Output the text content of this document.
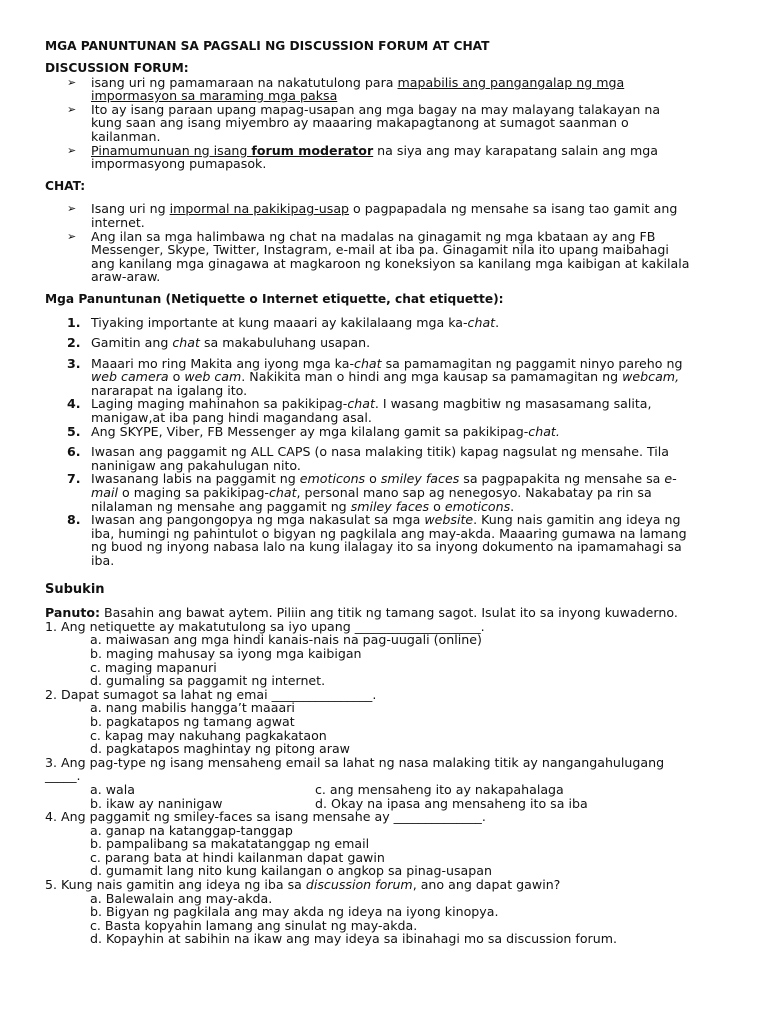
MGA PANUNTUNAN SA PAGSALI NG DISCUSSION FORUM AT CHAT

DISCUSSION FORUM:

➢ isang uri ng pamamaraan na nakatutulong para mapabilis ang pangangalap ng mga
impormasyon sa maraming mga paksa
➢ Ito ay isang paraan upang mapag-usapan ang mga bagay na may malayang talakayan na
kung saan ang isang miyembro ay maaaring makapagtanong at sumagot saanman o
kailanman.
➢ Pinamumunuan ng isang forum moderator na siya ang may karapatang salain ang mga
impormasyong pumapasok.

CHAT:

➢ Isang uri ng impormal na pakikipag-usap o pagpapadala ng mensahe sa isang tao gamit ang
internet.
➢ Ang ilan sa mga halimbawa ng chat na madalas na ginagamit ng mga kbataan ay ang FB
Messenger, Skype, Twitter, Instagram, e-mail at iba pa. Ginagamit nila ito upang maibahagi
ang kanilang mga ginagawa at magkaroon ng koneksiyon sa kanilang mga kaibigan at kakilala
araw-araw.

Mga Panuntunan (Netiquette o Internet etiquette, chat etiquette):

1. Tiyaking importante at kung maaari ay kakilalaang mga ka-chat.
2. Gamitin ang chat sa makabuluhang usapan.
3. Maaari mo ring Makita ang iyong mga ka-chat sa pamamagitan ng paggamit ninyo pareho ng
web camera o web cam. Nakikita man o hindi ang mga kausap sa pamamagitan ng webcam,
nararapat na igalang ito.
4. Laging maging mahinahon sa pakikipag-chat. I wasang magbitiw ng masasamang salita,
manigaw,at iba pang hindi magandang asal.
5. Ang SKYPE, Viber, FB Messenger ay mga kilalang gamit sa pakikipag-chat.
6. Iwasan ang paggamit ng ALL CAPS (o nasa malaking titik) kapag nagsulat ng mensahe. Tila
naninigaw ang pakahulugan nito.
7. Iwasanang labis na paggamit ng emoticons o smiley faces sa pagpapakita ng mensahe sa e-
mail o maging sa pakikipag-chat, personal mano sap ag nenegosyo. Nakabatay pa rin sa
nilalaman ng mensahe ang paggamit ng smiley faces o emoticons.
8. Iwasan ang pangongopya ng mga nakasulat sa mga website. Kung nais gamitin ang ideya ng
iba, humingi ng pahintulot o bigyan ng pagkilala ang may-akda. Maaaring gumawa na lamang
ng buod ng inyong nabasa lalo na kung ilalagay ito sa inyong dokumento na ipamamahagi sa
iba.

Subukin

Panuto: Basahin ang bawat aytem. Piliin ang titik ng tamang sagot. Isulat ito sa inyong kuwaderno.

1. Ang netiquette ay makatutulong sa iyo upang ____________________.

a. maiwasan ang mga hindi kanais-nais na pag-uugali (online)

b. maging mahusay sa iyong mga kaibigan

c. maging mapanuri

d. gumaling sa paggamit ng internet.

2. Dapat sumagot sa lahat ng emai ________________.

a. nang mabilis hangga’t maaari

b. pagkatapos ng tamang agwat

c. kapag may nakuhang pagkakataon

d. pagkatapos maghintay ng pitong araw

3. Ang pag-type ng isang mensaheng email sa lahat ng nasa malaking titik ay nangangahulugang

_____.

a. wala	c. ang mensaheng ito ay nakapahalaga
b. ikaw ay naninigaw	d. Okay na ipasa ang mensaheng ito sa iba

4. Ang paggamit ng smiley-faces sa isang mensahe ay ______________.

a. ganap na katanggap-tanggap

b. pampalibang sa makatatanggap ng email

c. parang bata at hindi kailanman dapat gawin

d. gumamit lang nito kung kailangan o angkop sa pinag-usapan

5. Kung nais gamitin ang ideya ng iba sa discussion forum, ano ang dapat gawin?

a. Balewalain ang may-akda.

b. Bigyan ng pagkilala ang may akda ng ideya na iyong kinopya.

c. Basta kopyahin lamang ang sinulat ng may-akda.

d. Kopayhin at sabihin na ikaw ang may ideya sa ibinahagi mo sa discussion forum.
